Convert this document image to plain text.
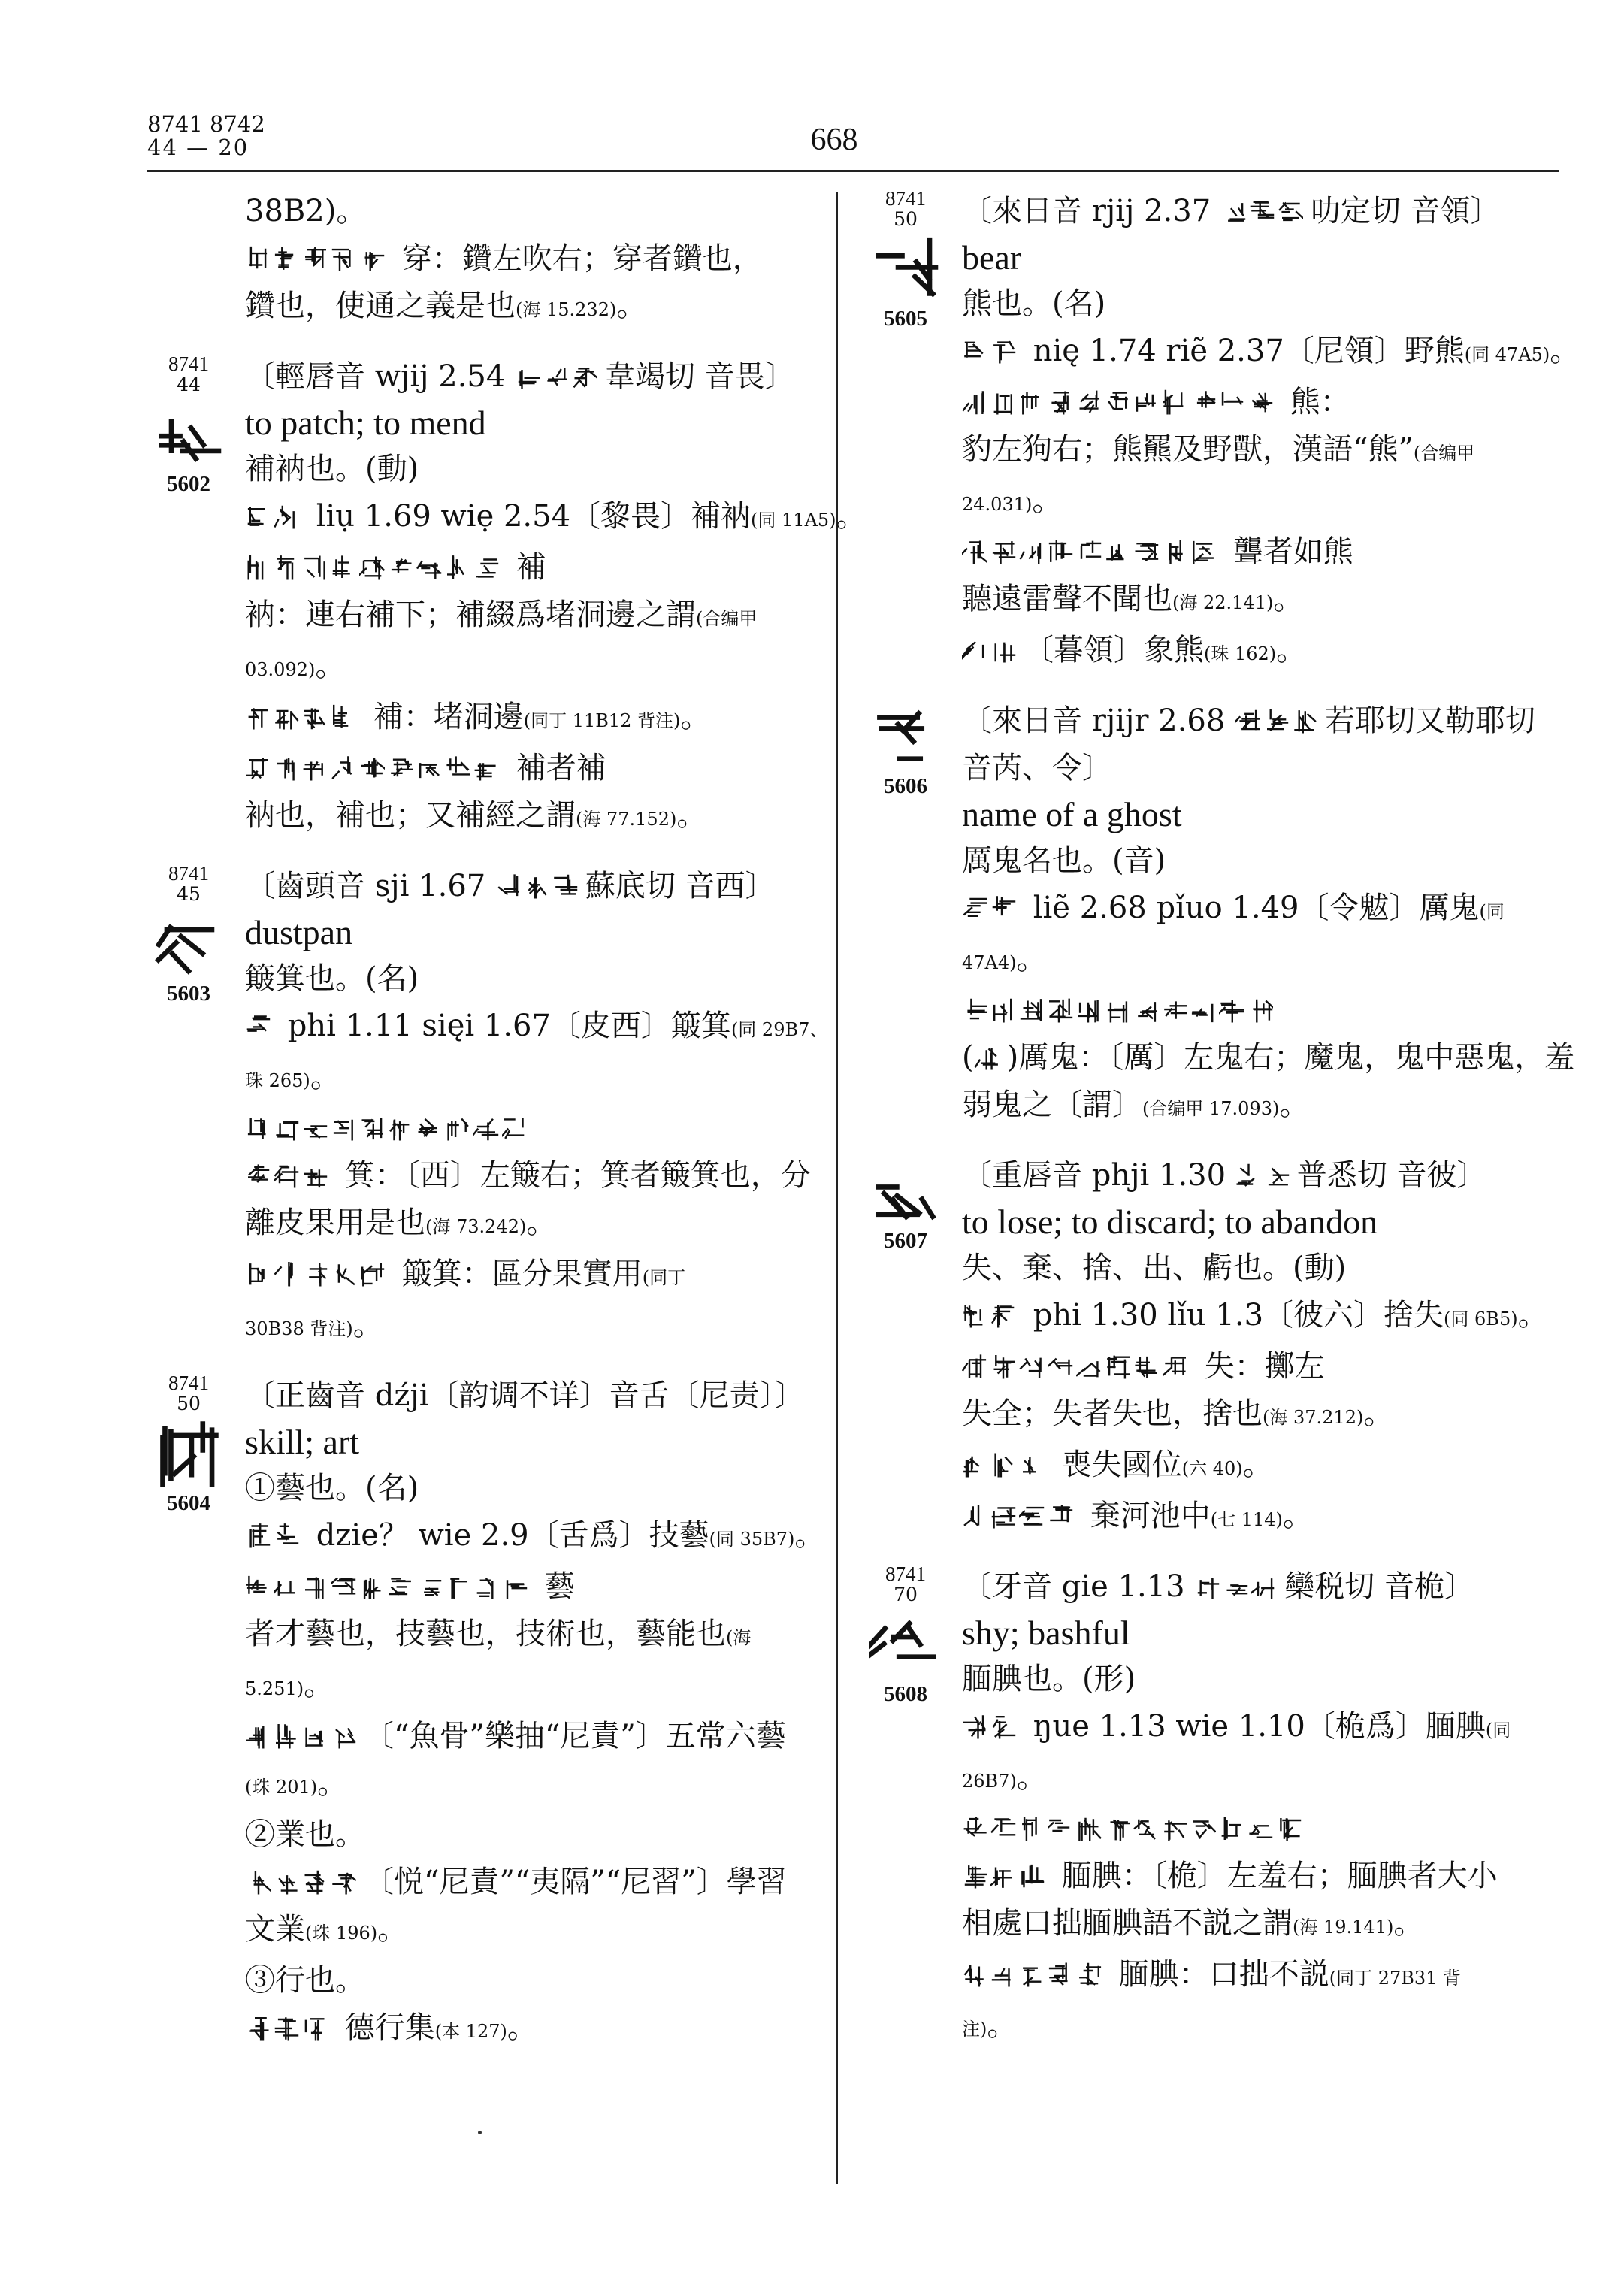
8741 8742
44 — 20	668
38B2)。
穿：鑽左吹右；穿者鑽也，
鑽也，使通之義是也(海 15.232)。
8741
44
5602
〔輕唇音 wjij 2.54	韋竭切 音畏〕
to patch; to mend
補衲也。(動)
liụ 1.69 wiẹ 2.54〔黎畏〕補衲(同 11A5)。
補
衲：連右補下；補綴爲堵洞邊之謂(合编甲
03.092)。
補：堵洞邊(同丁 11B12 背注)。
補者補
衲也，補也；又補經之謂(海 77.152)。
8741
45
5603
〔齒頭音 sji 1.67	蘇底切 音西〕
dustpan
簸箕也。(名)
phi 1.11 sięi 1.67〔皮西〕簸箕(同 29B7、
珠 265)。
箕：〔西〕左簸右；箕者簸箕也，分
離皮果用是也(海 73.242)。
簸箕：區分果實用(同丁
30B38 背注)。
8741
50
5604
〔正齒音 dźji〔韵调不详〕音舌〔尼责〕〕
skill; art
①藝也。(名)
dzie？ wie 2.9〔舌爲〕技藝(同 35B7)。
藝
者才藝也，技藝也，技術也，藝能也(海
5.251)。
〔“魚骨”樂抽“尼責”〕五常六藝
(珠 201)。
②業也。
〔悦“尼責”“夷隔”“尼習”〕學習
文業(珠 196)。
③行也。
德行集(本 127)。
8741
50
5605
〔來日音 rjij 2.37	叻定切 音領〕
bear
熊也。(名)
nię 1.74 riẽ 2.37〔尼領〕野熊(同 47A5)。
熊：
豹左狗右；熊羆及野獸，漢語“熊”(合编甲
24.031)。
聾者如熊
聽遠雷聲不聞也(海 22.141)。
〔暮領〕象熊(珠 162)。
5606
〔來日音 rjijr 2.68	若耶切又勒耶切
音芮、令〕
name of a ghost
厲鬼名也。(音)
liẽ 2.68 pǐuo 1.49〔令魃〕厲鬼(同
47A4)。
( )厲鬼：〔厲〕左鬼右；魔鬼，鬼中惡鬼，羞
弱鬼之〔謂〕(合编甲 17.093)。
5607
〔重唇音 phji 1.30
普悉切 音彼〕
to lose; to discard; to abandon
失、棄、捨、出、虧也。(動)
phi 1.30 lǐu 1.3〔彼六〕捨失(同 6B5)。
失：擲左
失全；失者失也，捨也(海 37.212)。
喪失國位(六 40)。
棄河池中(七 114)。
8741
70
5608
〔牙音 gie 1.13	欒税切 音桅〕
shy; bashful
腼腆也。(形)
ŋue 1.13 wie 1.10〔桅爲〕腼腆(同
26B7)。
腼腆：〔桅〕左羞右；腼腆者大小
相處口拙腼腆語不説之謂(海 19.141)。
腼腆：口拙不説(同丁 27B31 背
注)。
